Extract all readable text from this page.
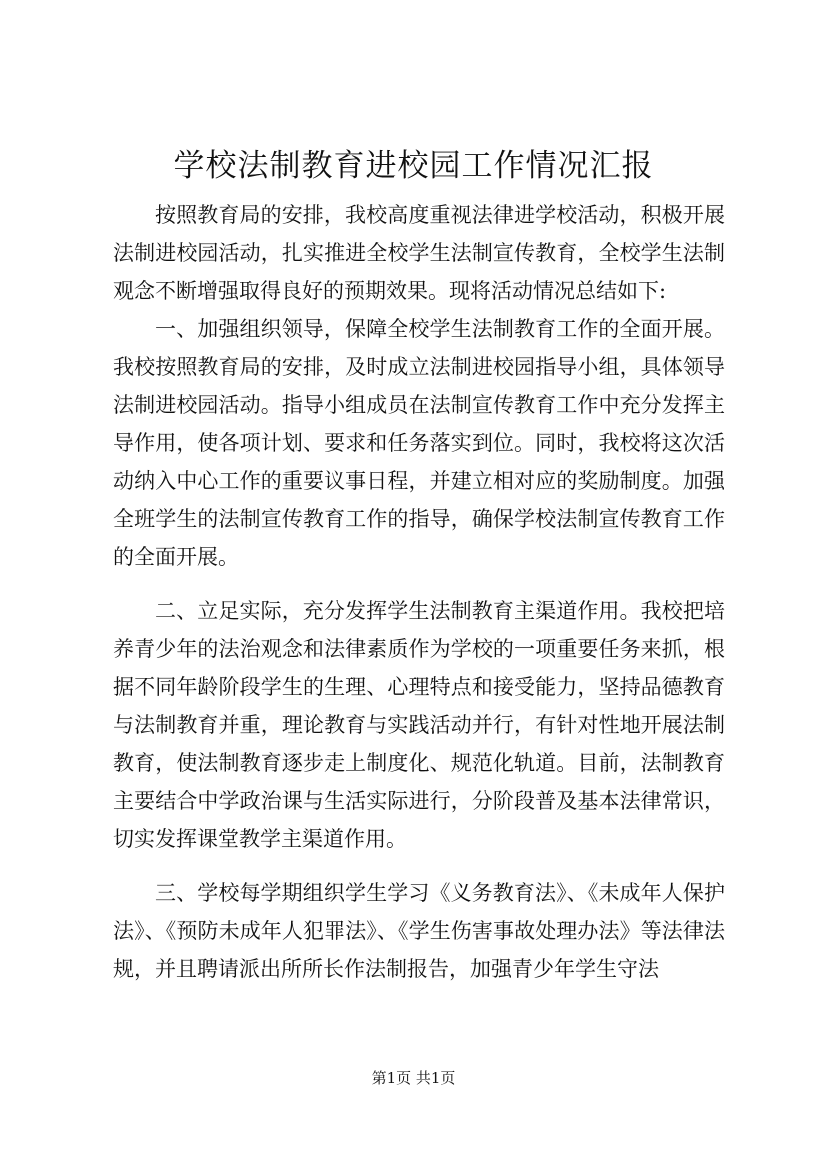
学校法制教育进校园工作情况汇报

按照教育局的安排，我校高度重视法律进学校活动，积极开展法制进校园活动，扎实推进全校学生法制宣传教育，全校学生法制观念不断增强取得良好的预期效果。现将活动情况总结如下:

一、加强组织领导，保障全校学生法制教育工作的全面开展。我校按照教育局的安排，及时成立法制进校园指导小组，具体领导法制进校园活动。指导小组成员在法制宣传教育工作中充分发挥主导作用，使各项计划、要求和任务落实到位。同时，我校将这次活动纳入中心工作的重要议事日程，并建立相对应的奖励制度。加强全班学生的法制宣传教育工作的指导，确保学校法制宣传教育工作的全面开展。

二、立足实际，充分发挥学生法制教育主渠道作用。我校把培养青少年的法治观念和法律素质作为学校的一项重要任务来抓，根据不同年龄阶段学生的生理、心理特点和接受能力，坚持品德教育与法制教育并重，理论教育与实践活动并行，有针对性地开展法制教育，使法制教育逐步走上制度化、规范化轨道。目前，法制教育主要结合中学政治课与生活实际进行，分阶段普及基本法律常识，切实发挥课堂教学主渠道作用。

三、学校每学期组织学生学习《义务教育法》、《未成年人保护法》、《预防未成年人犯罪法》、《学生伤害事故处理办法》等法律法规，并且聘请派出所所长作法制报告，加强青少年学生守法

第1页 共1页
